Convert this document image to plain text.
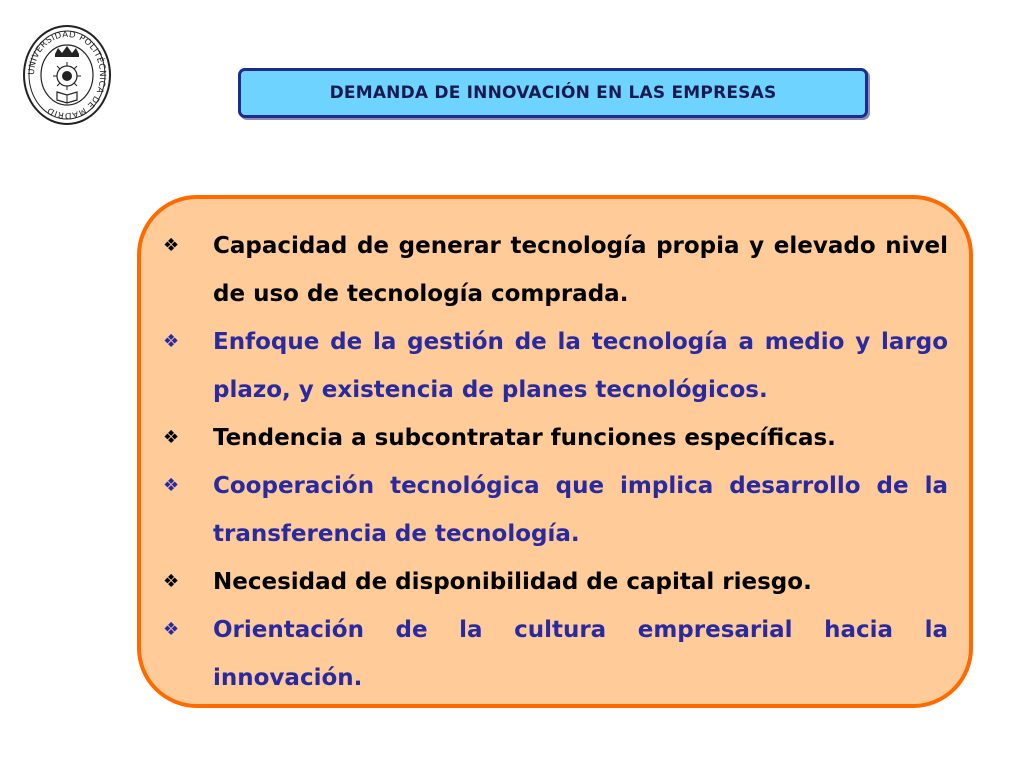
UNIVERSIDAD POLITÉCNICA DE MADRID
DEMANDA DE INNOVACIÓN EN LAS EMPRESAS
❖	Capacidad de generar tecnología propia y elevado nivel de uso de tecnología comprada.
❖	Enfoque de la gestión de la tecnología a medio y largo plazo, y existencia de planes tecnológicos.
❖	Tendencia a subcontratar funciones específicas.
❖	Cooperación tecnológica que implica desarrollo de la transferencia de tecnología.
❖	Necesidad de disponibilidad de capital riesgo.
❖	Orientación de la cultura empresarial hacia la innovación.
